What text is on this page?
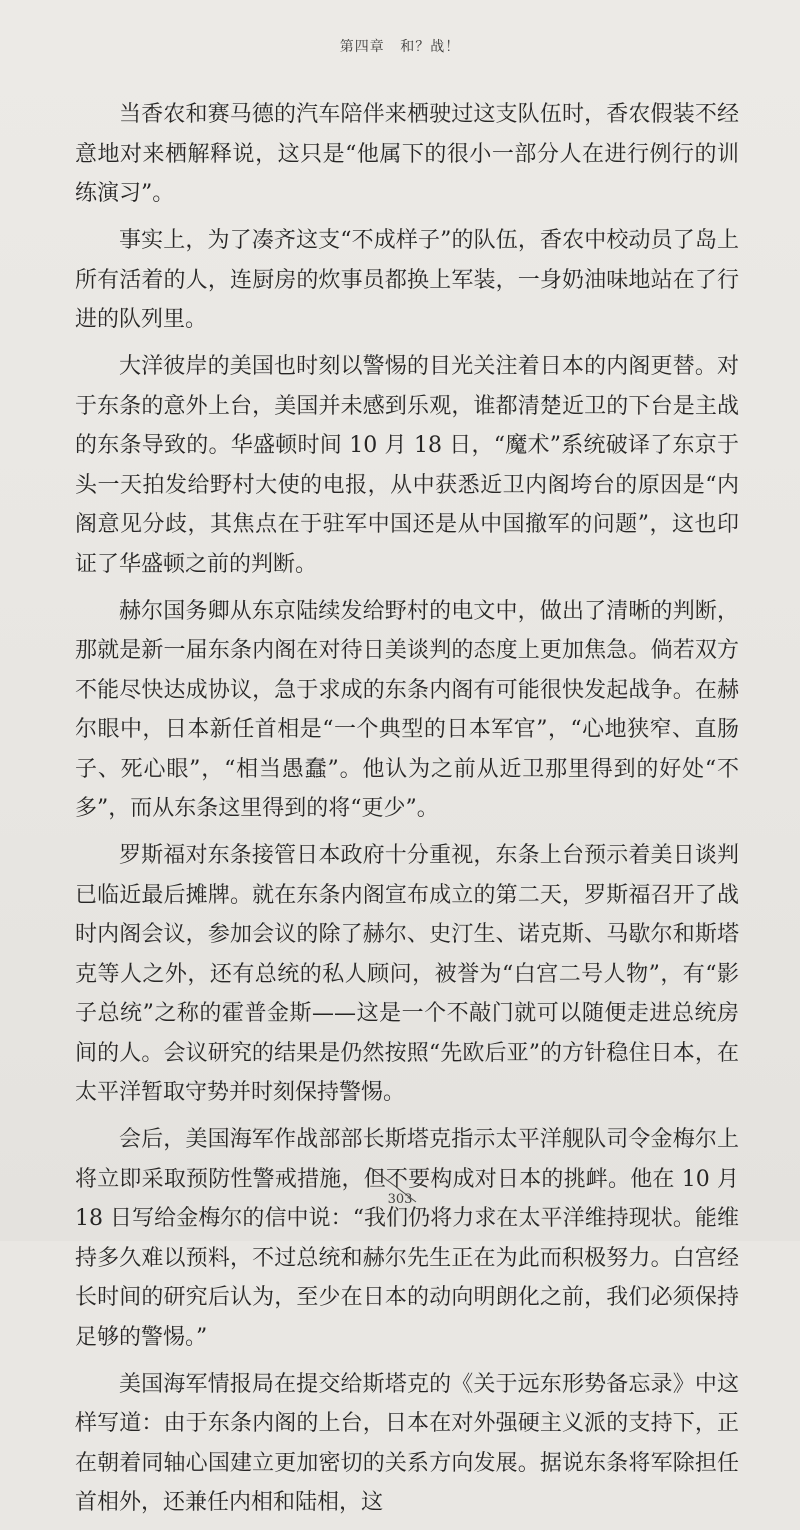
第四章 和？战！

当香农和赛马德的汽车陪伴来栖驶过这支队伍时，香农假装不经意地对来栖解释说，这只是“他属下的很小一部分人在进行例行的训练演习”。

事实上，为了凑齐这支“不成样子”的队伍，香农中校动员了岛上所有活着的人，连厨房的炊事员都换上军装，一身奶油味地站在了行进的队列里。

大洋彼岸的美国也时刻以警惕的目光关注着日本的内阁更替。对于东条的意外上台，美国并未感到乐观，谁都清楚近卫的下台是主战的东条导致的。华盛顿时间 10 月 18 日，“魔术”系统破译了东京于头一天拍发给野村大使的电报，从中获悉近卫内阁垮台的原因是“内阁意见分歧，其焦点在于驻军中国还是从中国撤军的问题”，这也印证了华盛顿之前的判断。

赫尔国务卿从东京陆续发给野村的电文中，做出了清晰的判断，那就是新一届东条内阁在对待日美谈判的态度上更加焦急。倘若双方不能尽快达成协议，急于求成的东条内阁有可能很快发起战争。在赫尔眼中，日本新任首相是“一个典型的日本军官”，“心地狭窄、直肠子、死心眼”，“相当愚蠢”。他认为之前从近卫那里得到的好处“不多”，而从东条这里得到的将“更少”。

罗斯福对东条接管日本政府十分重视，东条上台预示着美日谈判已临近最后摊牌。就在东条内阁宣布成立的第二天，罗斯福召开了战时内阁会议，参加会议的除了赫尔、史汀生、诺克斯、马歇尔和斯塔克等人之外，还有总统的私人顾问，被誉为“白宫二号人物”，有“影子总统”之称的霍普金斯——这是一个不敲门就可以随便走进总统房间的人。会议研究的结果是仍然按照“先欧后亚”的方针稳住日本，在太平洋暂取守势并时刻保持警惕。

会后，美国海军作战部部长斯塔克指示太平洋舰队司令金梅尔上将立即采取预防性警戒措施，但不要构成对日本的挑衅。他在 10 月 18 日写给金梅尔的信中说：“我们仍将力求在太平洋维持现状。能维持多久难以预料，不过总统和赫尔先生正在为此而积极努力。白宫经长时间的研究后认为，至少在日本的动向明朗化之前，我们必须保持足够的警惕。”

美国海军情报局在提交给斯塔克的《关于远东形势备忘录》中这样写道：由于东条内阁的上台，日本在对外强硬主义派的支持下，正在朝着同轴心国建立更加密切的关系方向发展。据说东条将军除担任首相外，还兼任内相和陆相，这

303
